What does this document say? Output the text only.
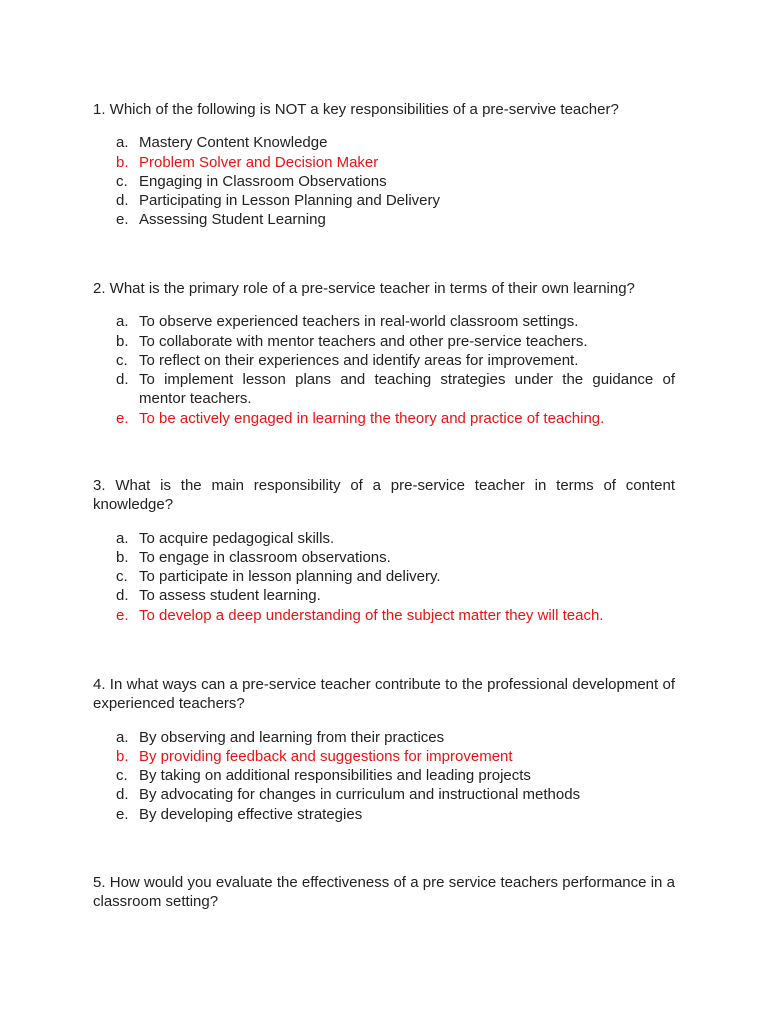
1. Which of the following is NOT a key responsibilities of a pre-servive teacher?

a. Mastery Content Knowledge
b. Problem Solver and Decision Maker
c. Engaging in Classroom Observations
d. Participating in Lesson Planning and Delivery
e. Assessing Student Learning

2. What is the primary role of a pre-service teacher in terms of their own learning?

a. To observe experienced teachers in real-world classroom settings.
b. To collaborate with mentor teachers and other pre-service teachers.
c. To reflect on their experiences and identify areas for improvement.
d. To implement lesson plans and teaching strategies under the guidance of mentor teachers.
e. To be actively engaged in learning the theory and practice of teaching.

3. What is the main responsibility of a pre-service teacher in terms of content knowledge?

a. To acquire pedagogical skills.
b. To engage in classroom observations.
c. To participate in lesson planning and delivery.
d. To assess student learning.
e. To develop a deep understanding of the subject matter they will teach.

4. In what ways can a pre-service teacher contribute to the professional development of experienced teachers?

a. By observing and learning from their practices
b. By providing feedback and suggestions for improvement
c. By taking on additional responsibilities and leading projects
d. By advocating for changes in curriculum and instructional methods
e. By developing effective strategies

5. How would you evaluate the effectiveness of a pre service teachers performance in a classroom setting?
